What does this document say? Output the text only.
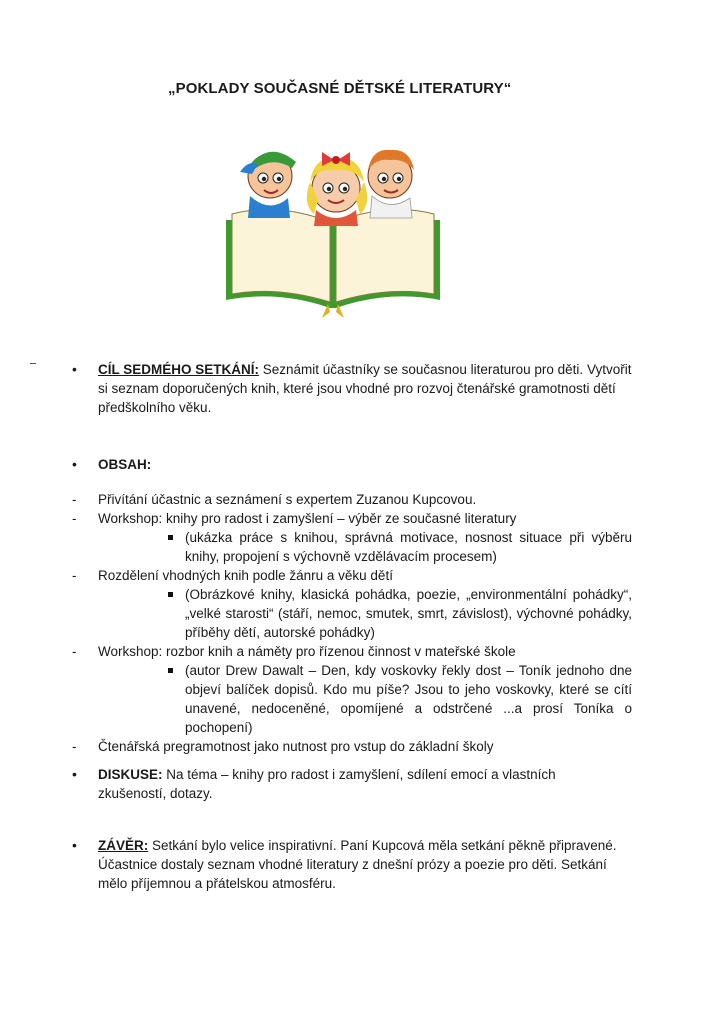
„POKLADY SOUČASNÉ DĚTSKÉ LITERATURY“
• CÍL SEDMÉHO SETKÁNÍ: Seznámit účastníky se současnou literaturou pro děti. Vytvořit si seznam doporučených knih, které jsou vhodné pro rozvoj čtenářské gramotnosti dětí předškolního věku.
• OBSAH:
- Přivítání účastnic a seznámení s expertem Zuzanou Kupcovou.
- Workshop: knihy pro radost i zamyšlení – výběr ze současné literatury
(ukázka práce s knihou, správná motivace, nosnost situace při výběru knihy, propojení s výchovně vzdělávacím procesem)
- Rozdělení vhodných knih podle žánru a věku dětí
(Obrázkové knihy, klasická pohádka, poezie, „environmentální pohádky“, „velké starosti“ (stáří, nemoc, smutek, smrt, závislost), výchovné pohádky, příběhy dětí, autorské pohádky)
- Workshop: rozbor knih a náměty pro řízenou činnost v mateřské škole
(autor Drew Dawalt – Den, kdy voskovky řekly dost – Toník jednoho dne objeví balíček dopisů. Kdo mu píše? Jsou to jeho voskovky, které se cítí unavené, nedoceněné, opomíjené a odstrčené ...a prosí Toníka o pochopení)
- Čtenářská pregramotnost jako nutnost pro vstup do základní školy
• DISKUSE: Na téma – knihy pro radost i zamyšlení, sdílení emocí a vlastních zkušeností, dotazy.
• ZÁVĚR: Setkání bylo velice inspirativní. Paní Kupcová měla setkání pěkně připravené. Účastnice dostaly seznam vhodné literatury z dnešní prózy a poezie pro děti. Setkání mělo příjemnou a přátelskou atmosféru.
